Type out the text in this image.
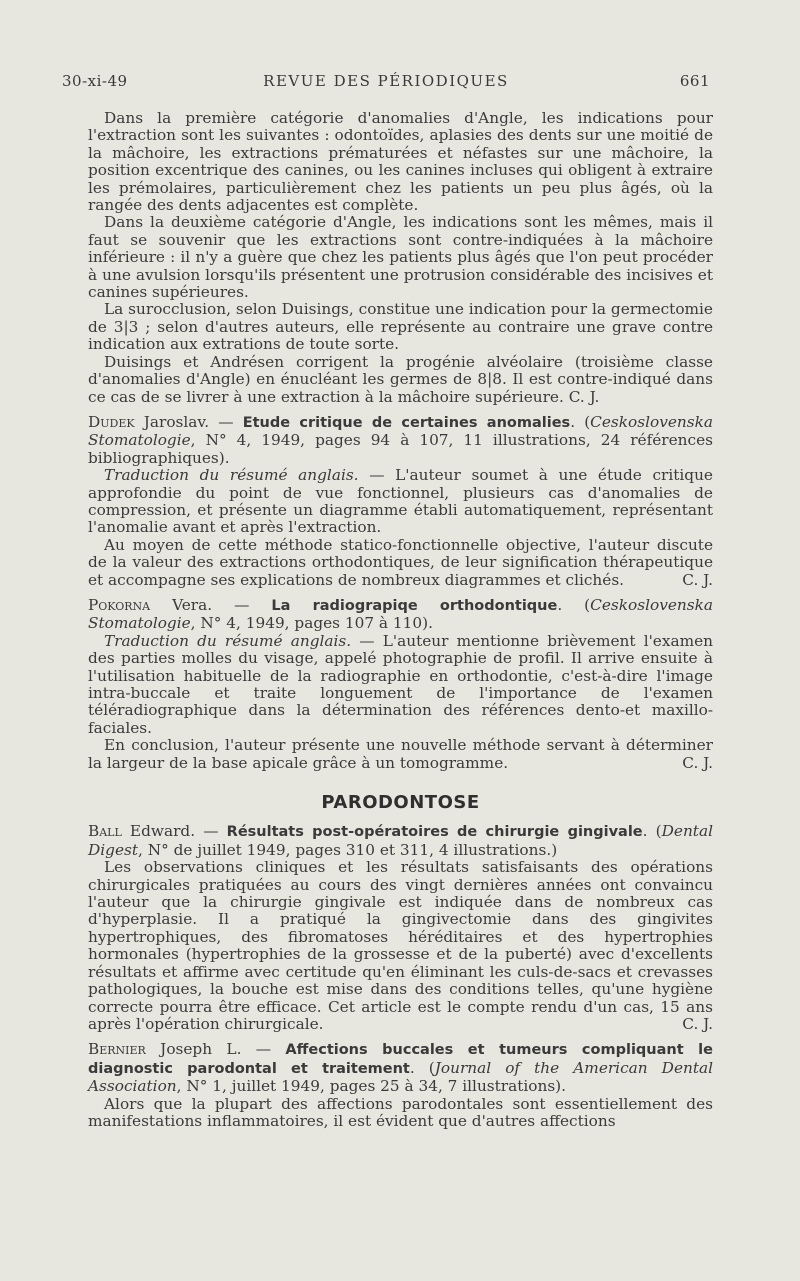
30-xi-49	REVUE DES PÉRIODIQUES	661

Dans la première catégorie d'anomalies d'Angle, les indications pour l'extraction sont les suivantes : odontoïdes, aplasies des dents sur une moitié de la mâchoire, les extractions prématurées et néfastes sur une mâchoire, la position excentrique des canines, ou les canines incluses qui obligent à extraire les prémolaires, particulièrement chez les patients un peu plus âgés, où la rangée des dents adjacentes est complète.

Dans la deuxième catégorie d'Angle, les indications sont les mêmes, mais il faut se souvenir que les extractions sont contre-indiquées à la mâchoire inférieure : il n'y a guère que chez les patients plus âgés que l'on peut procéder à une avulsion lorsqu'ils présentent une protrusion considérable des incisives et canines supérieures.

La surocclusion, selon Duisings, constitue une indication pour la germectomie de 3|3 ; selon d'autres auteurs, elle représente au contraire une grave contre indication aux extrations de toute sorte.

Duisings et Andrésen corrigent la progénie alvéolaire (troisième classe d'anomalies d'Angle) en énucléant les germes de 8|8. Il est contre-indiqué dans ce cas de se livrer à une extraction à la mâchoire supérieure. C. J.

Dudek Jaroslav. — Etude critique de certaines anomalies. (Ceskoslovenska Stomatologie, N° 4, 1949, pages 94 à 107, 11 illustrations, 24 références bibliographiques).

Traduction du résumé anglais. — L'auteur soumet à une étude critique approfondie du point de vue fonctionnel, plusieurs cas d'anomalies de compression, et présente un diagramme établi automatiquement, représentant l'anomalie avant et après l'extraction.

Au moyen de cette méthode statico-fonctionnelle objective, l'auteur discute de la valeur des extractions orthodontiques, de leur signification thérapeutique et accompagne ses explications de nombreux diagrammes et clichés.	C. J.

Pokorna Vera. — La radiograpiqe orthodontique. (Ceskoslovenska Stomatologie, N° 4, 1949, pages 107 à 110).

Traduction du résumé anglais. — L'auteur mentionne brièvement l'examen des parties molles du visage, appelé photographie de profil. Il arrive ensuite à l'utilisation habituelle de la radiographie en orthodontie, c'est-à-dire l'image intra-buccale et traite longuement de l'importance de l'examen téléradiographique dans la détermination des références dento-et maxillo-faciales.

En conclusion, l'auteur présente une nouvelle méthode servant à déterminer la largeur de la base apicale grâce à un tomogramme.	C. J.

PARODONTOSE

Ball Edward. — Résultats post-opératoires de chirurgie gingivale. (Dental Digest, N° de juillet 1949, pages 310 et 311, 4 illustrations.)

Les observations cliniques et les résultats satisfaisants des opérations chirurgicales pratiquées au cours des vingt dernières années ont convaincu l'auteur que la chirurgie gingivale est indiquée dans de nombreux cas d'hyperplasie. Il a pratiqué la gingivectomie dans des gingivites hypertrophiques, des fibromatoses héréditaires et des hypertrophies hormonales (hypertrophies de la grossesse et de la puberté) avec d'excellents résultats et affirme avec certitude qu'en éliminant les culs-de-sacs et crevasses pathologiques, la bouche est mise dans des conditions telles, qu'une hygiène correcte pourra être efficace. Cet article est le compte rendu d'un cas, 15 ans après l'opération chirurgicale.	C. J.

Bernier Joseph L. — Affections buccales et tumeurs compliquant le diagnostic parodontal et traitement. (Journal of the American Dental Association, N° 1, juillet 1949, pages 25 à 34, 7 illustrations).

Alors que la plupart des affections parodontales sont essentiellement des manifestations inflammatoires, il est évident que d'autres affections
